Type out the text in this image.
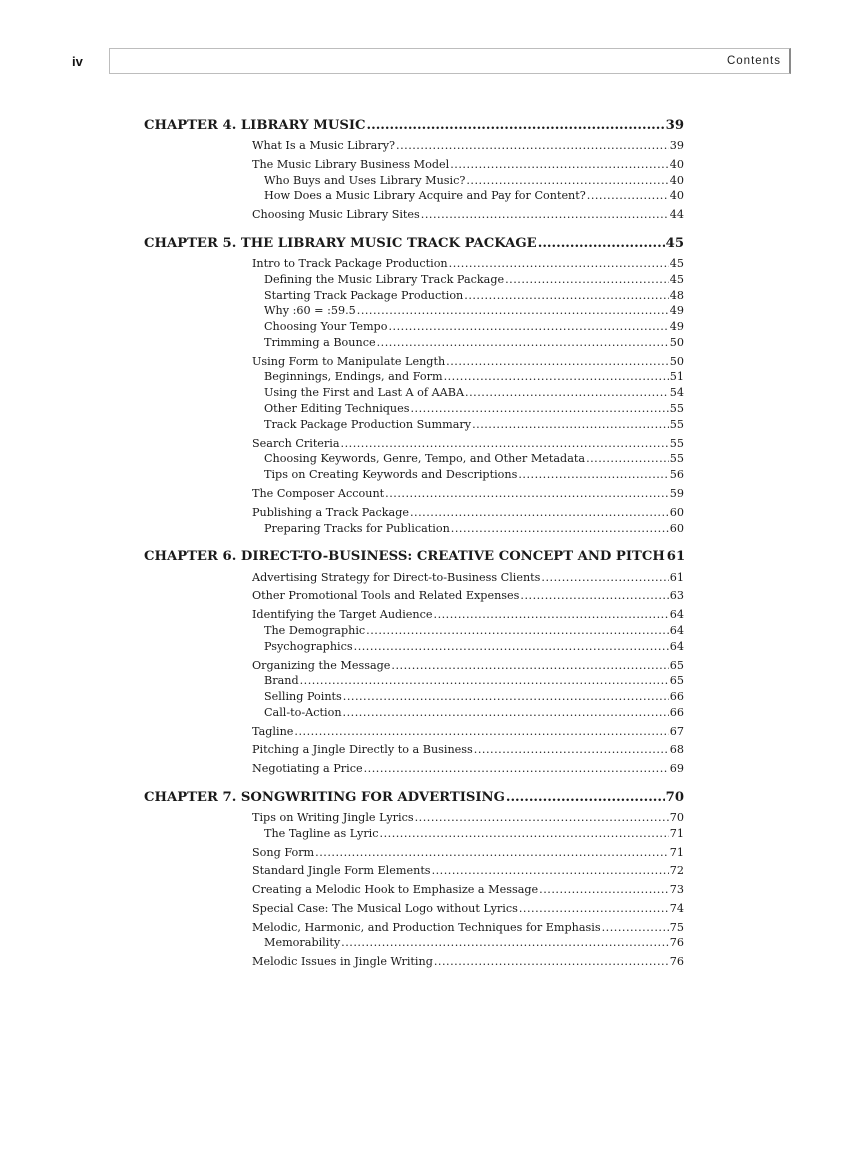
iv	Contents
CHAPTER 4. LIBRARY MUSIC .....	39
What Is a Music Library? .....	39
The Music Library Business Model .....	40
Who Buys and Uses Library Music? .....	40
How Does a Music Library Acquire and Pay for Content? .....	40
Choosing Music Library Sites .....	44
CHAPTER 5. THE LIBRARY MUSIC TRACK PACKAGE .....	45
Intro to Track Package Production .....	45
Defining the Music Library Track Package .....	45
Starting Track Package Production .....	48
Why :60 = :59.5 .....	49
Choosing Your Tempo .....	49
Trimming a Bounce .....	50
Using Form to Manipulate Length .....	50
Beginnings, Endings, and Form .....	51
Using the First and Last A of AABA .....	54
Other Editing Techniques .....	55
Track Package Production Summary .....	55
Search Criteria .....	55
Choosing Keywords, Genre, Tempo, and Other Metadata .....	55
Tips on Creating Keywords and Descriptions .....	56
The Composer Account .....	59
Publishing a Track Package .....	60
Preparing Tracks for Publication .....	60
CHAPTER 6. DIRECT-TO-BUSINESS: CREATIVE CONCEPT AND PITCH 61
Advertising Strategy for Direct-to-Business Clients .....	61
Other Promotional Tools and Related Expenses .....	63
Identifying the Target Audience .....	64
The Demographic .....	64
Psychographics .....	64
Organizing the Message .....	65
Brand .....	65
Selling Points .....	66
Call-to-Action .....	66
Tagline .....	67
Pitching a Jingle Directly to a Business .....	68
Negotiating a Price .....	69
CHAPTER 7. SONGWRITING FOR ADVERTISING .....	70
Tips on Writing Jingle Lyrics .....	70
The Tagline as Lyric .....	71
Song Form .....	71
Standard Jingle Form Elements .....	72
Creating a Melodic Hook to Emphasize a Message .....	73
Special Case: The Musical Logo without Lyrics .....	74
Melodic, Harmonic, and Production Techniques for Emphasis .....	75
Memorability .....	76
Melodic Issues in Jingle Writing .....	76
